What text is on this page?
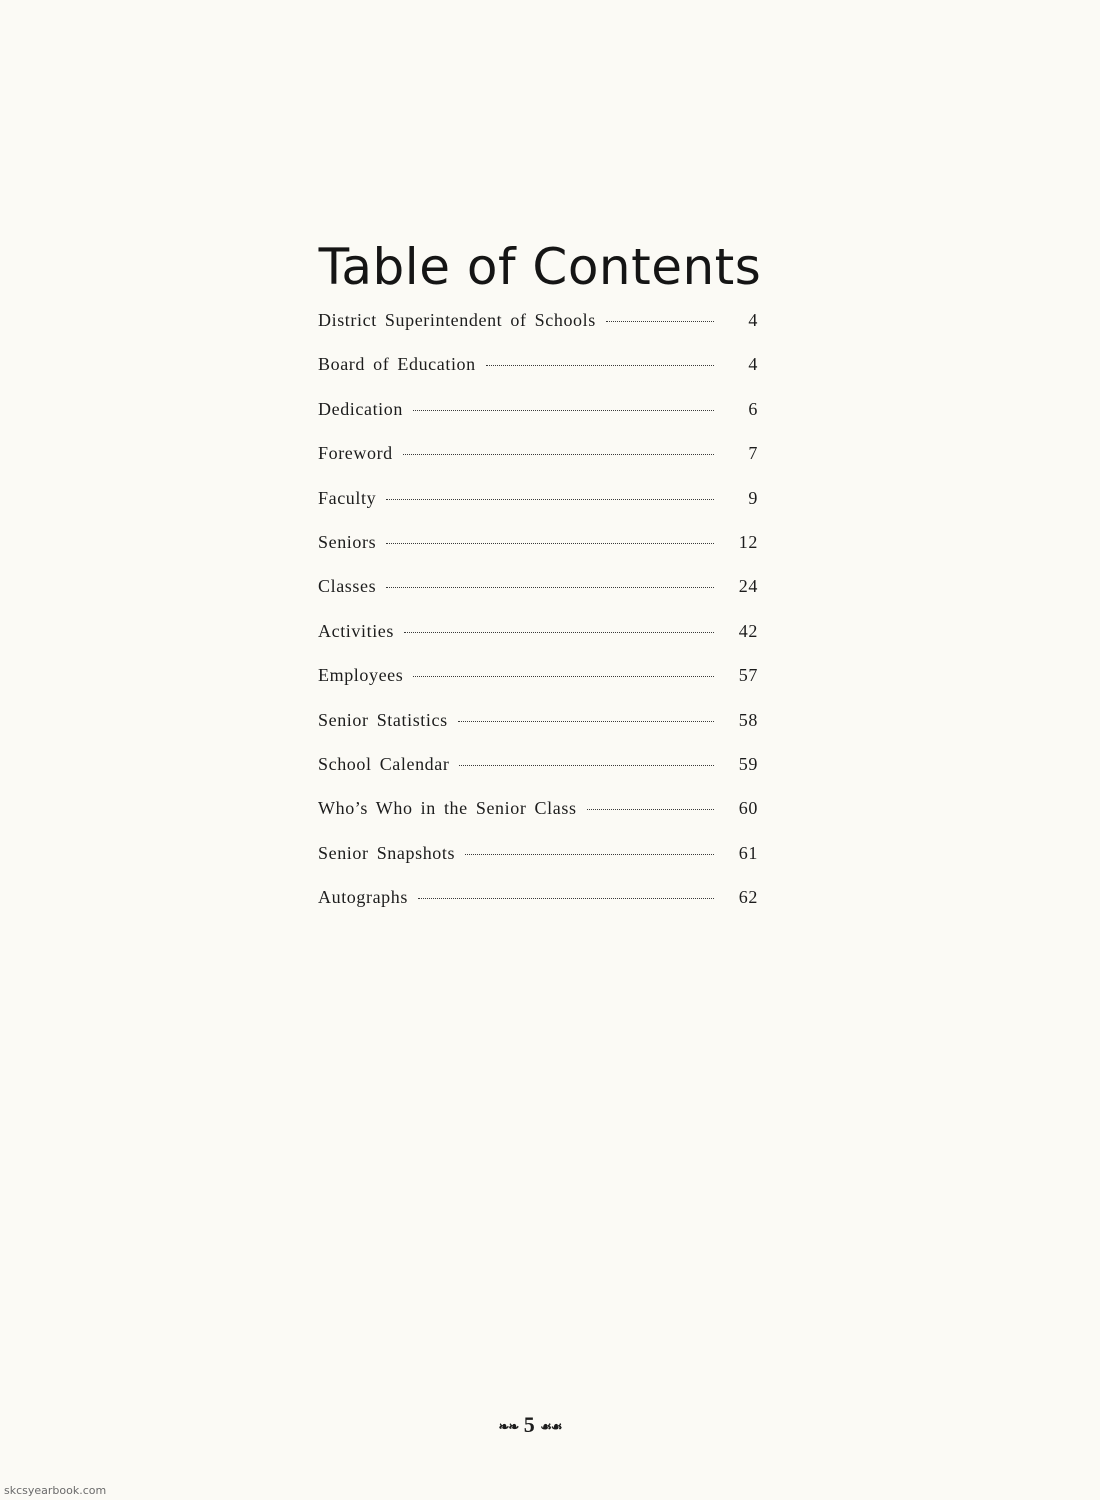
Table of Contents
District Superintendent of Schools	4
Board of Education	4
Dedication	6
Foreword	7
Faculty	9
Seniors	12
Classes	24
Activities	42
Employees	57
Senior Statistics	58
School Calendar	59
Who’s Who in the Senior Class	60
Senior Snapshots	61
Autographs	62
❧❧ 5 ☙☙
skcsyearbook.com
